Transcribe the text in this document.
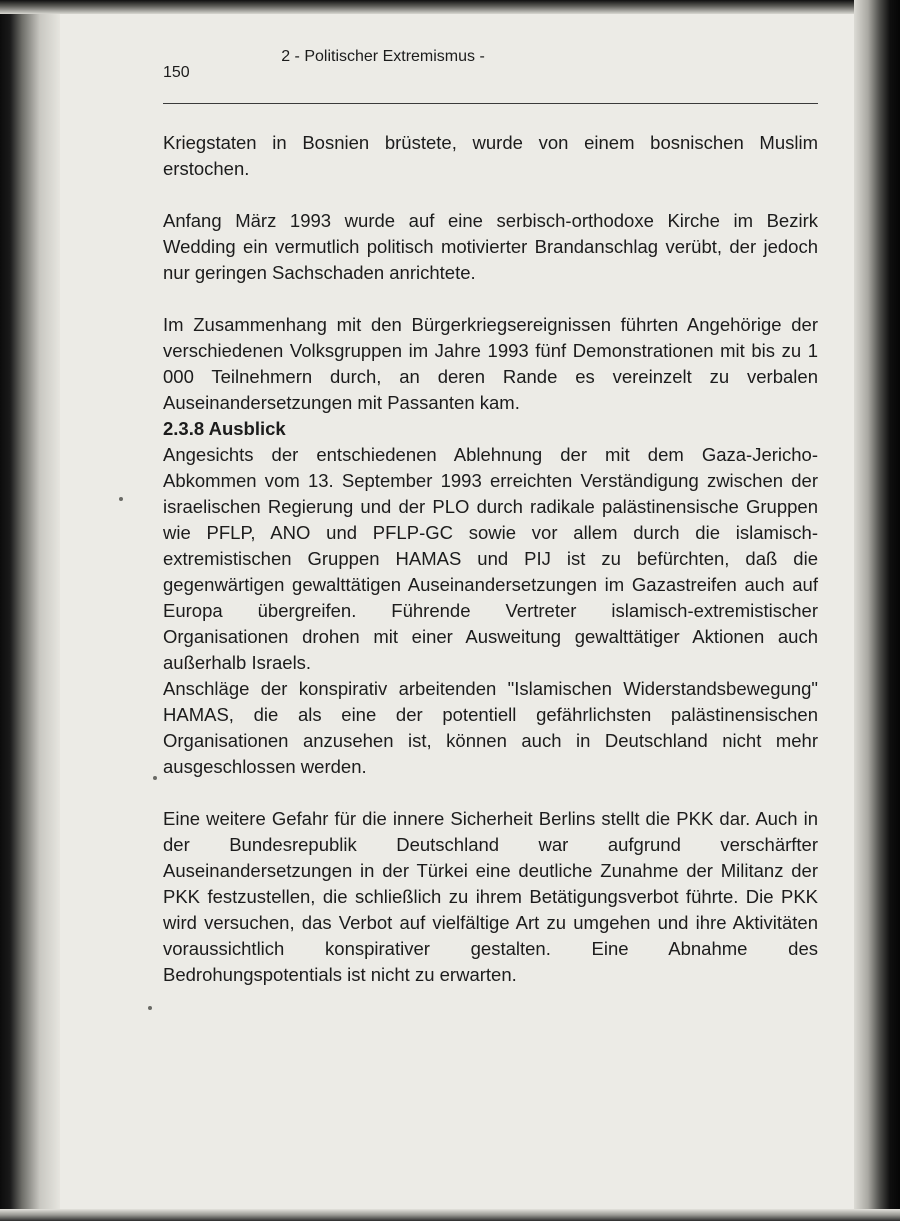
150

2 - Politischer Extremismus -

Kriegstaten in Bosnien brüstete, wurde von einem bosnischen Muslim erstochen.

Anfang März 1993 wurde auf eine serbisch-orthodoxe Kirche im Bezirk Wedding ein vermutlich politisch motivierter Brandanschlag verübt, der jedoch nur geringen Sachschaden anrichtete.

Im Zusammenhang mit den Bürgerkriegsereignissen führten Angehörige der verschiedenen Volksgruppen im Jahre 1993 fünf Demonstrationen mit bis zu 1 000 Teilnehmern durch, an deren Rande es vereinzelt zu verbalen Auseinandersetzungen mit Passanten kam.

2.3.8 Ausblick

Angesichts der entschiedenen Ablehnung der mit dem Gaza-Jericho-Abkommen vom 13. September 1993 erreichten Verständigung zwischen der israelischen Regierung und der PLO durch radikale palästinensische Gruppen wie PFLP, ANO und PFLP-GC sowie vor allem durch die islamisch-extremistischen Gruppen HAMAS und PIJ ist zu befürchten, daß die gegenwärtigen gewalttätigen Auseinandersetzungen im Gazastreifen auch auf Europa übergreifen. Führende Vertreter islamisch-extremistischer Organisationen drohen mit einer Ausweitung gewalttätiger Aktionen auch außerhalb Israels.

Anschläge der konspirativ arbeitenden "Islamischen Widerstandsbewegung" HAMAS, die als eine der potentiell gefährlichsten palästinensischen Organisationen anzusehen ist, können auch in Deutschland nicht mehr ausgeschlossen werden.

Eine weitere Gefahr für die innere Sicherheit Berlins stellt die PKK dar. Auch in der Bundesrepublik Deutschland war aufgrund verschärfter Auseinandersetzungen in der Türkei eine deutliche Zunahme der Militanz der PKK festzustellen, die schließlich zu ihrem Betätigungsverbot führte. Die PKK wird versuchen, das Verbot auf vielfältige Art zu umgehen und ihre Aktivitäten voraussichtlich konspirativer gestalten. Eine Abnahme des Bedrohungspotentials ist nicht zu erwarten.
